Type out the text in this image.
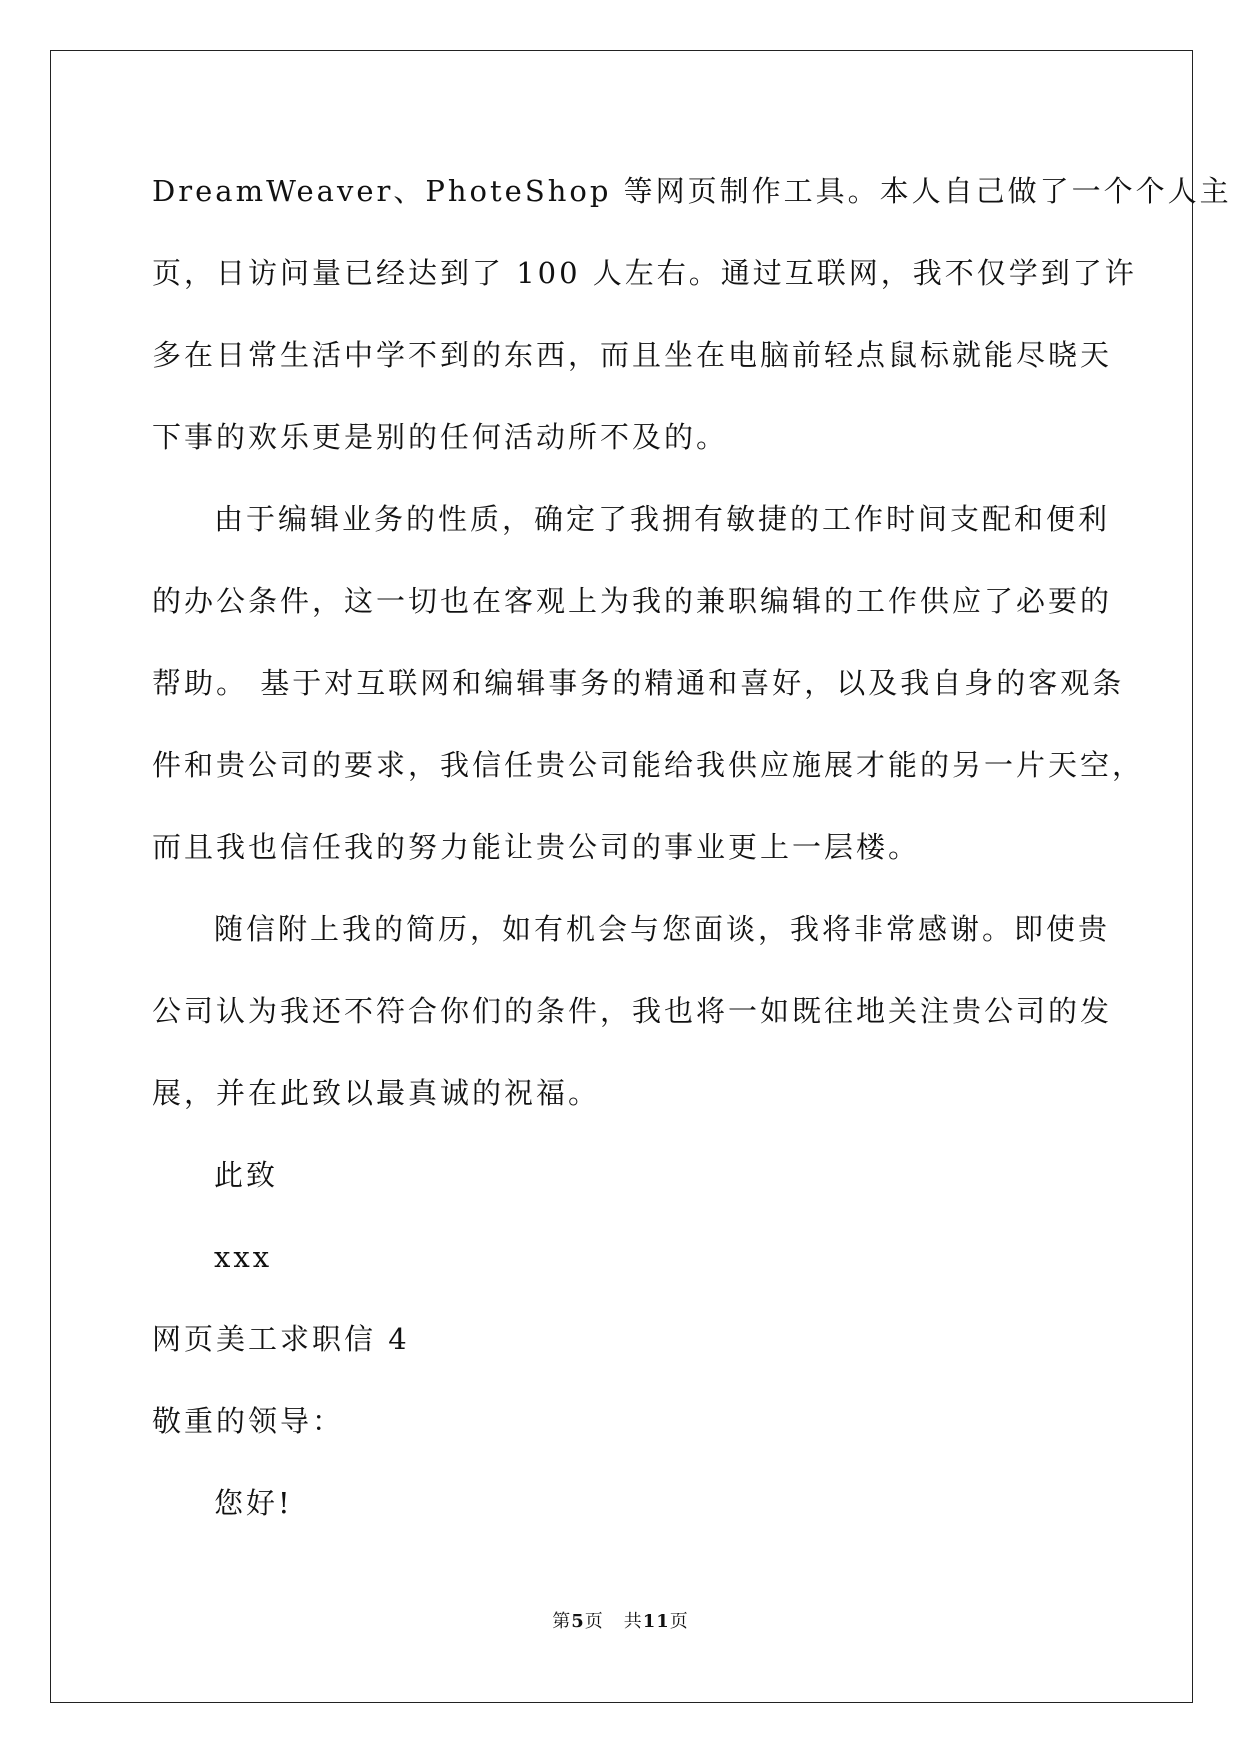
DreamWeaver、PhoteShop 等网页制作工具。本人自己做了一个个人主
页，日访问量已经达到了 100 人左右。通过互联网，我不仅学到了许
多在日常生活中学不到的东西，而且坐在电脑前轻点鼠标就能尽晓天
下事的欢乐更是别的任何活动所不及的。
由于编辑业务的性质，确定了我拥有敏捷的工作时间支配和便利
的办公条件，这一切也在客观上为我的兼职编辑的工作供应了必要的
帮助。 基于对互联网和编辑事务的精通和喜好，以及我自身的客观条
件和贵公司的要求，我信任贵公司能给我供应施展才能的另一片天空，
而且我也信任我的努力能让贵公司的事业更上一层楼。
随信附上我的简历，如有机会与您面谈，我将非常感谢。即使贵
公司认为我还不符合你们的条件，我也将一如既往地关注贵公司的发
展，并在此致以最真诚的祝福。
此致
xxx
网页美工求职信 4
敬重的领导：
您好!
第5页 共11页
